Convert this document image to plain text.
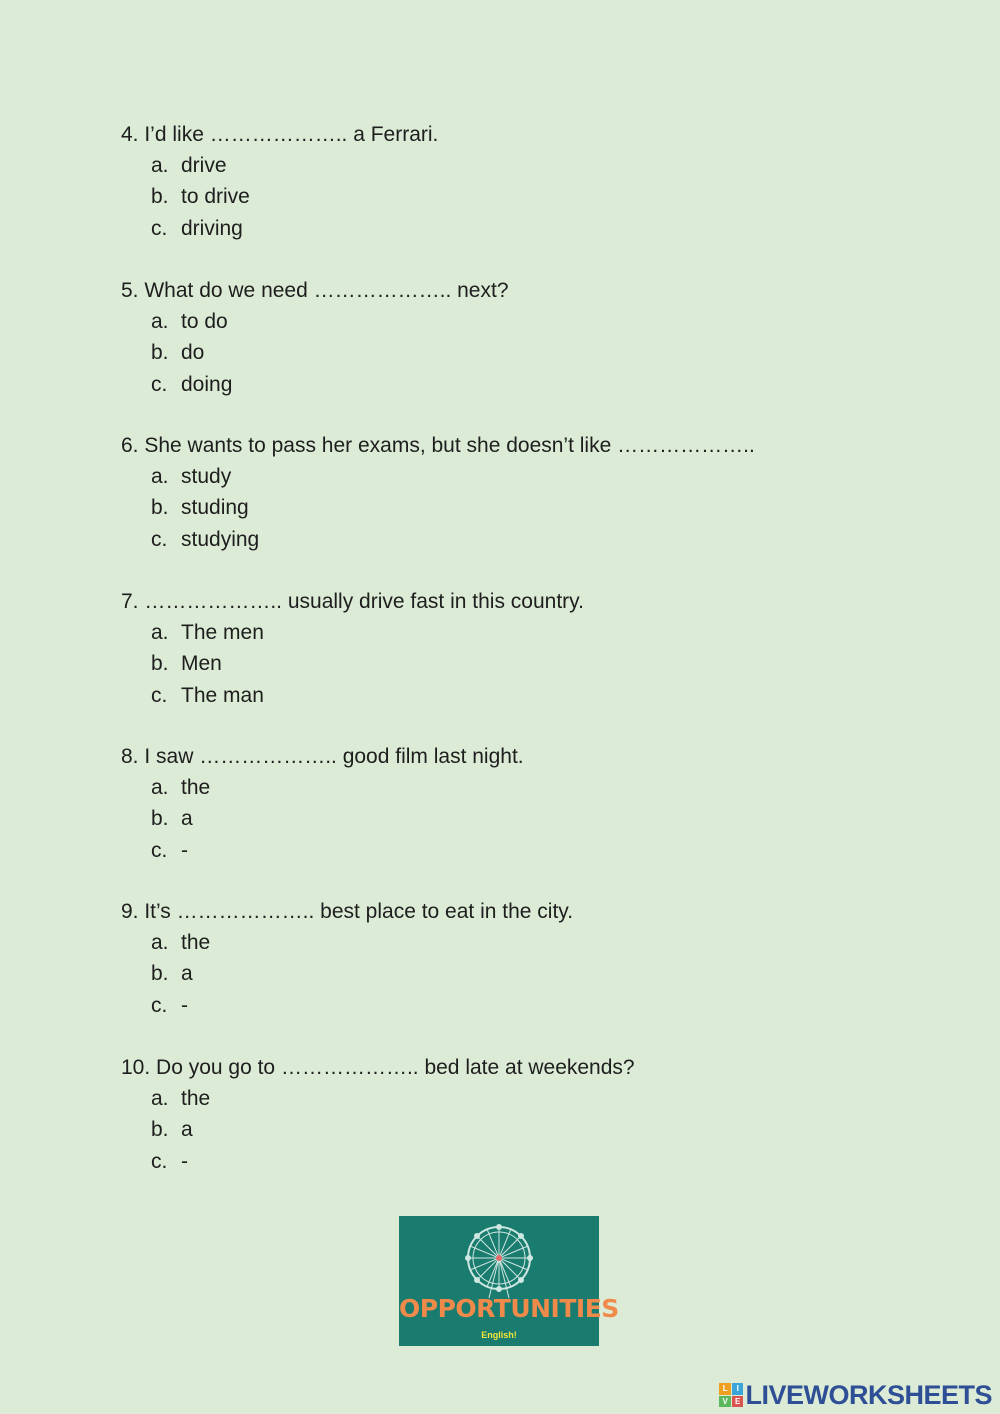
4. I’d like ……………….. a Ferrari.
a. drive
b. to drive
c. driving
5. What do we need ……………….. next?
a. to do
b. do
c. doing
6. She wants to pass her exams, but she doesn’t like ………………..
a. study
b. studing
c. studying
7. ……………….. usually drive fast in this country.
a. The men
b. Men
c. The man
8. I saw ……………….. good film last night.
a. the
b. a
c. -
9. It’s ……………….. best place to eat in the city.
a. the
b. a
c. -
10. Do you go to ……………….. bed late at weekends?
a. the
b. a
c. -
OPPORTUNITIES
English!
L	I
V E LIVEWORKSHEETS
